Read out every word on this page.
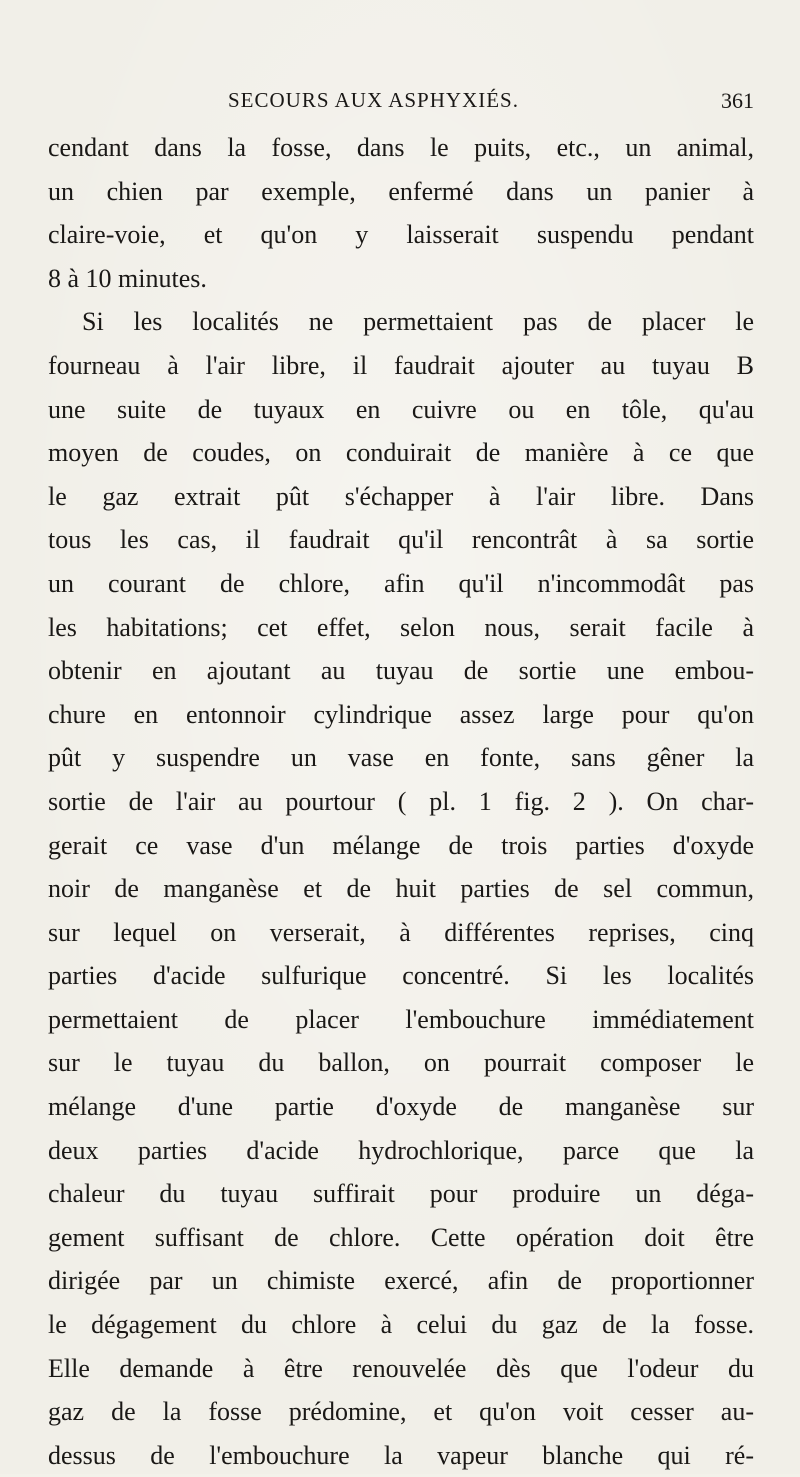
SECOURS AUX ASPHYXIÉS.	361
cendant dans la fosse, dans le puits, etc., un animal,
un chien par exemple, enfermé dans un panier à
claire-voie, et qu'on y laisserait suspendu pendant
8 à 10 minutes.
Si les localités ne permettaient pas de placer le
fourneau à l'air libre, il faudrait ajouter au tuyau B
une suite de tuyaux en cuivre ou en tôle, qu'au
moyen de coudes, on conduirait de manière à ce que
le gaz extrait pût s'échapper à l'air libre. Dans
tous les cas, il faudrait qu'il rencontrât à sa sortie
un courant de chlore, afin qu'il n'incommodât pas
les habitations; cet effet, selon nous, serait facile à
obtenir en ajoutant au tuyau de sortie une embou-
chure en entonnoir cylindrique assez large pour qu'on
pût y suspendre un vase en fonte, sans gêner la
sortie de l'air au pourtour ( pl. 1 fig. 2 ). On char-
gerait ce vase d'un mélange de trois parties d'oxyde
noir de manganèse et de huit parties de sel commun,
sur lequel on verserait, à différentes reprises, cinq
parties d'acide sulfurique concentré. Si les localités
permettaient de placer l'embouchure immédiatement
sur le tuyau du ballon, on pourrait composer le
mélange d'une partie d'oxyde de manganèse sur
deux parties d'acide hydrochlorique, parce que la
chaleur du tuyau suffirait pour produire un déga-
gement suffisant de chlore. Cette opération doit être
dirigée par un chimiste exercé, afin de proportionner
le dégagement du chlore à celui du gaz de la fosse.
Elle demande à être renouvelée dès que l'odeur du
gaz de la fosse prédomine, et qu'on voit cesser au-
dessus de l'embouchure la vapeur blanche qui ré-
